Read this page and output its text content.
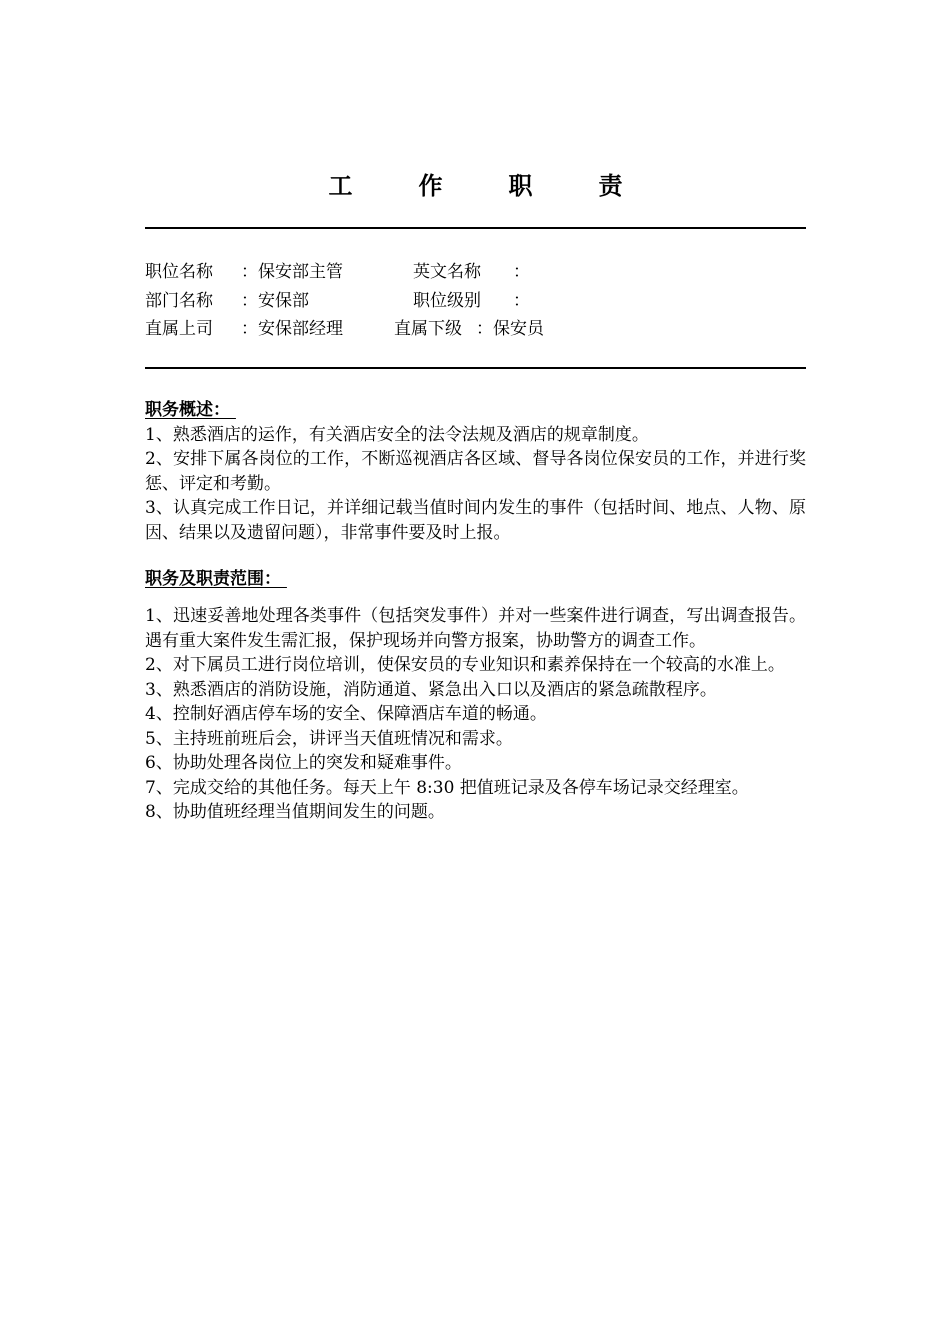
工	作	职	责
职位名称 ：保安部主管	英文名称 ：
部门名称 ：安保部	职位级别 ：
直属上司 ：安保部经理	直属下级 ：保安员
职务概述：

1、熟悉酒店的运作，有关酒店安全的法令法规及酒店的规章制度。

2、安排下属各岗位的工作，不断巡视酒店各区域、督导各岗位保安员的工作，并进行奖惩、评定和考勤。

3、认真完成工作日记，并详细记载当值时间内发生的事件（包括时间、地点、人物、原因、结果以及遗留问题），非常事件要及时上报。

职务及职责范围：

1、迅速妥善地处理各类事件（包括突发事件）并对一些案件进行调查，写出调查报告。遇有重大案件发生需汇报，保护现场并向警方报案，协助警方的调查工作。

2、对下属员工进行岗位培训，使保安员的专业知识和素养保持在一个较高的水准上。

3、熟悉酒店的消防设施，消防通道、紧急出入口以及酒店的紧急疏散程序。

4、控制好酒店停车场的安全、保障酒店车道的畅通。

5、主持班前班后会，讲评当天值班情况和需求。

6、协助处理各岗位上的突发和疑难事件。

7、完成交给的其他任务。每天上午 8:30 把值班记录及各停车场记录交经理室。

8、协助值班经理当值期间发生的问题。
